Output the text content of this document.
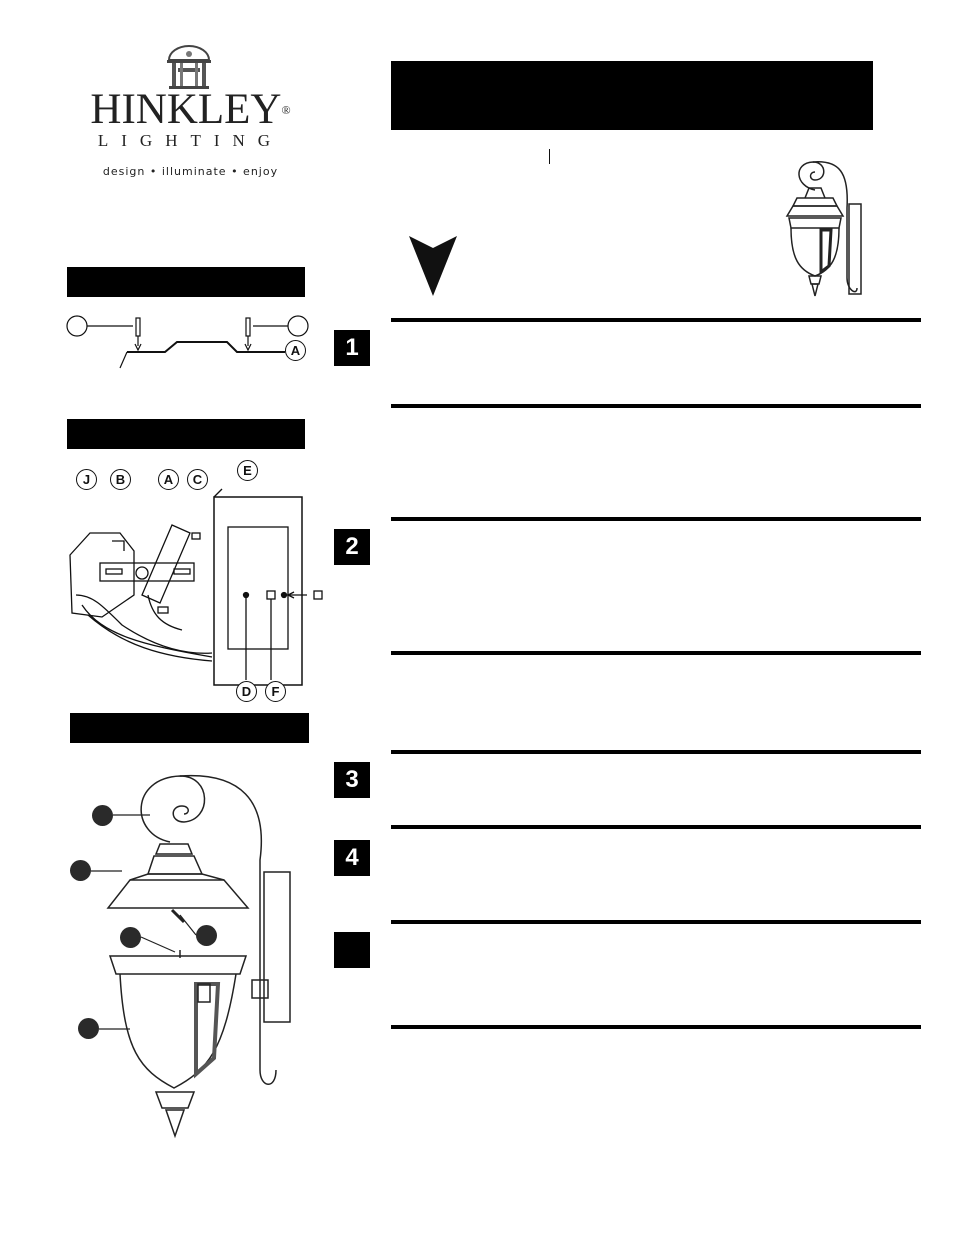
HINKLEY®
LIGHTING
design • illuminate • enjoy
A
J	B	A	C
E
D	F
1
2
3
4
